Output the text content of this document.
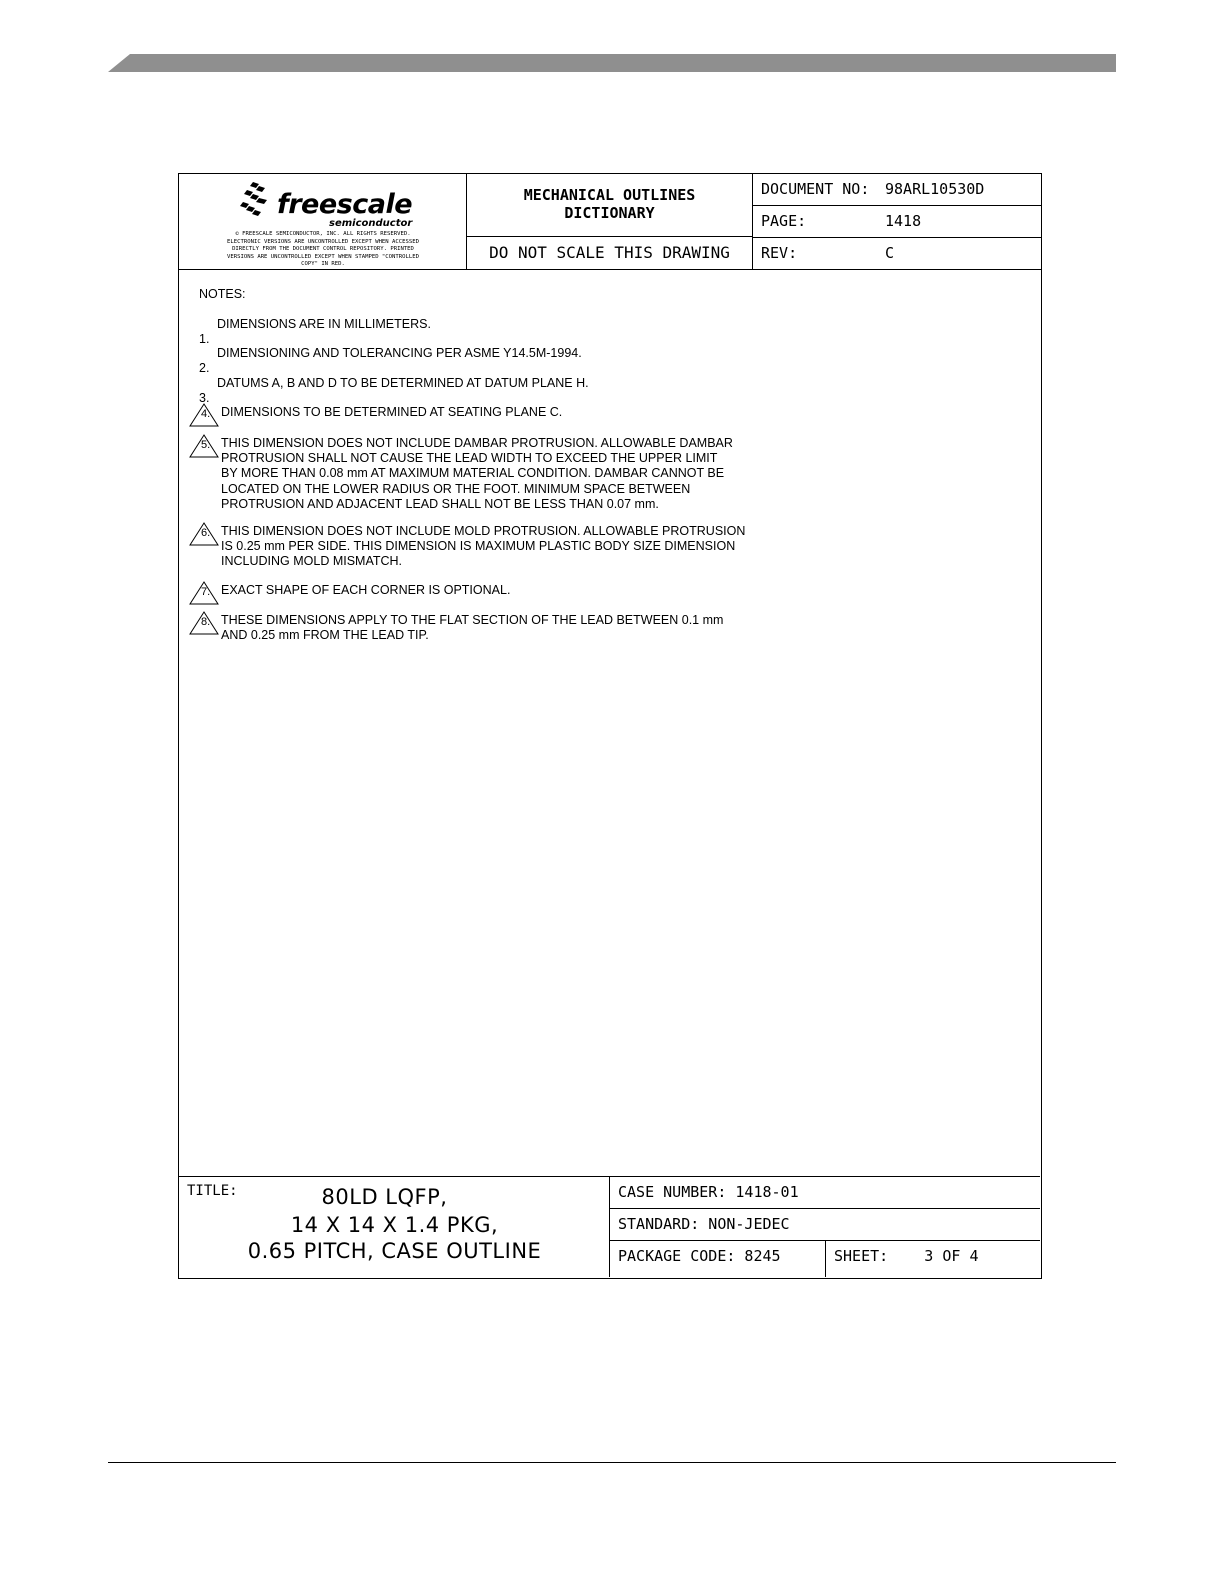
freescale
semiconductor
© FREESCALE SEMICONDUCTOR, INC. ALL RIGHTS RESERVED.
ELECTRONIC VERSIONS ARE UNCONTROLLED EXCEPT WHEN ACCESSED
DIRECTLY FROM THE DOCUMENT CONTROL REPOSITORY. PRINTED
VERSIONS ARE UNCONTROLLED EXCEPT WHEN STAMPED "CONTROLLED
COPY" IN RED.
MECHANICAL OUTLINES
DICTIONARY
DO NOT SCALE THIS DRAWING
DOCUMENT NO: 98ARL10530D
PAGE:	1418
REV:	C
NOTES:

1.

DIMENSIONS ARE IN MILLIMETERS.

2.

DIMENSIONING AND TOLERANCING PER ASME Y14.5M-1994.

3.

DATUMS A, B AND D TO BE DETERMINED AT DATUM PLANE H.

4. DIMENSIONS TO BE DETERMINED AT SEATING PLANE C.

5. THIS DIMENSION DOES NOT INCLUDE DAMBAR PROTRUSION. ALLOWABLE DAMBAR
PROTRUSION SHALL NOT CAUSE THE LEAD WIDTH TO EXCEED THE UPPER LIMIT
BY MORE THAN 0.08 mm AT MAXIMUM MATERIAL CONDITION. DAMBAR CANNOT BE
LOCATED ON THE LOWER RADIUS OR THE FOOT. MINIMUM SPACE BETWEEN
PROTRUSION AND ADJACENT LEAD SHALL NOT BE LESS THAN 0.07 mm.

6. THIS DIMENSION DOES NOT INCLUDE MOLD PROTRUSION. ALLOWABLE PROTRUSION
IS 0.25 mm PER SIDE. THIS DIMENSION IS MAXIMUM PLASTIC BODY SIZE DIMENSION
INCLUDING MOLD MISMATCH.

7. EXACT SHAPE OF EACH CORNER IS OPTIONAL.

8. THESE DIMENSIONS APPLY TO THE FLAT SECTION OF THE LEAD BETWEEN 0.1 mm
AND 0.25 mm FROM THE LEAD TIP.

TITLE:	80LD LQFP,
14 X 14 X 1.4 PKG,
0.65 PITCH, CASE OUTLINE
CASE NUMBER: 1418-01
STANDARD: NON-JEDEC
PACKAGE CODE: 8245	SHEET:    3 OF 4
